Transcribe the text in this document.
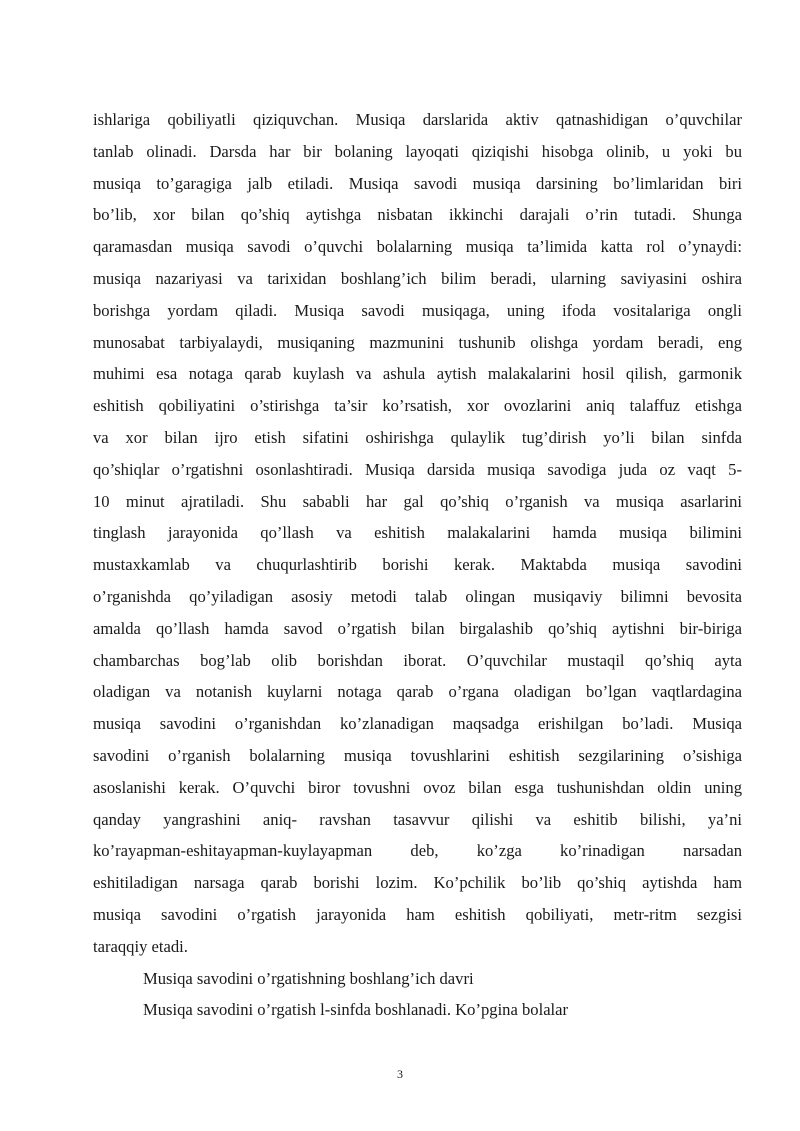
ishlariga qobiliyatli qiziquvchan. Musiqa darslarida aktiv qatnashidigan o’quvchilar
tanlab olinadi. Darsda har bir bolaning layoqati qiziqishi hisobga olinib, u yoki bu
musiqa to’garagiga jalb etiladi. Musiqa savodi musiqa darsining bo’limlaridan biri
bo’lib, xor bilan qo’shiq aytishga nisbatan ikkinchi darajali o’rin tutadi. Shunga
qaramasdan musiqa savodi o’quvchi bolalarning musiqa ta’limida katta rol o’ynaydi:
musiqa nazariyasi va tarixidan boshlang’ich bilim beradi, ularning saviyasini oshira
borishga yordam qiladi. Musiqa savodi musiqaga, uning ifoda vositalariga ongli
munosabat tarbiyalaydi, musiqaning mazmunini tushunib olishga yordam beradi, eng
muhimi esa notaga qarab kuylash va ashula aytish malakalarini hosil qilish, garmonik
eshitish qobiliyatini o’stirishga ta’sir ko’rsatish, xor ovozlarini aniq talaffuz etishga
va xor bilan ijro etish sifatini oshirishga qulaylik tug’dirish yo’li bilan sinfda
qo’shiqlar o’rgatishni osonlashtiradi. Musiqa darsida musiqa savodiga juda oz vaqt 5-
10 minut ajratiladi. Shu sababli har gal qo’shiq o’rganish va musiqa asarlarini
tinglash jarayonida qo’llash va eshitish malakalarini hamda musiqa bilimini
mustaxkamlab va chuqurlashtirib borishi kerak. Maktabda musiqa savodini
o’rganishda qo’yiladigan asosiy metodi talab olingan musiqaviy bilimni bevosita
amalda qo’llash hamda savod o’rgatish bilan birgalashib qo’shiq aytishni bir-biriga
chambarchas bog’lab olib borishdan iborat. O’quvchilar mustaqil qo’shiq ayta
oladigan va notanish kuylarni notaga qarab o’rgana oladigan bo’lgan vaqtlardagina
musiqa savodini o’rganishdan ko’zlanadigan maqsadga erishilgan bo’ladi. Musiqa
savodini o’rganish bolalarning musiqa tovushlarini eshitish sezgilarining o’sishiga
asoslanishi kerak. O’quvchi biror tovushni ovoz bilan esga tushunishdan oldin uning
qanday yangrashini aniq- ravshan tasavvur qilishi va eshitib bilishi, ya’ni
ko’rayapman-eshitayapman-kuylayapman deb, ko’zga ko’rinadigan narsadan
eshitiladigan narsaga qarab borishi lozim. Ko’pchilik bo’lib qo’shiq aytishda ham
musiqa savodini o’rgatish jarayonida ham eshitish qobiliyati, metr-ritm sezgisi
taraqqiy etadi.
Musiqa savodini o’rgatishning boshlang’ich davri
Musiqa savodini o’rgatish l-sinfda boshlanadi. Ko’pgina bolalar
3
